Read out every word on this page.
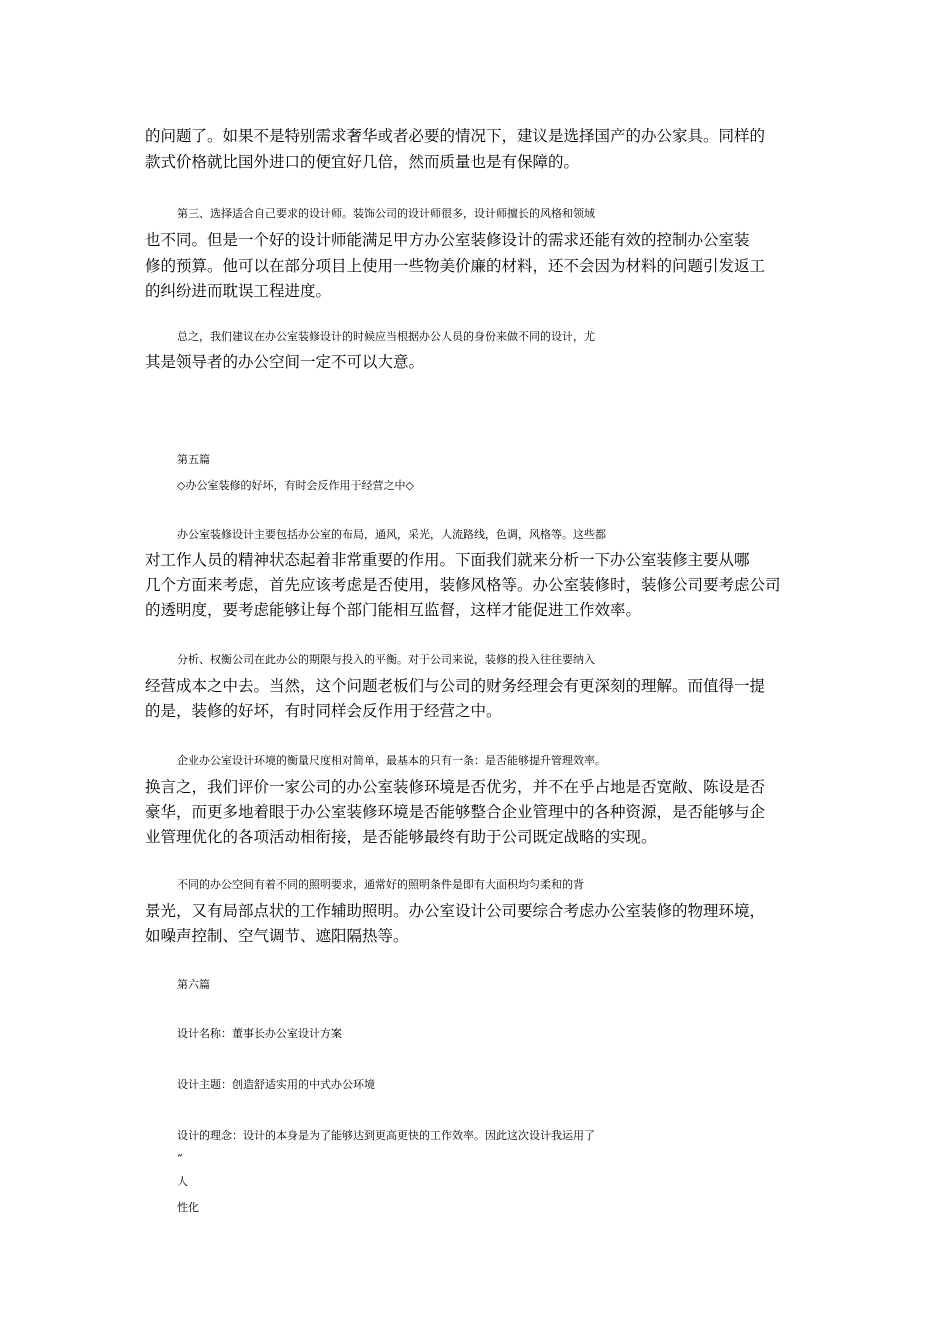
的问题了。如果不是特别需求奢华或者必要的情况下，建议是选择国产的办公家具。同样的
款式价格就比国外进口的便宜好几倍，然而质量也是有保障的。
第三、选择适合自己要求的设计师。装饰公司的设计师很多，设计师擅长的风格和领域
也不同。但是一个好的设计师能满足甲方办公室装修设计的需求还能有效的控制办公室装
修的预算。他可以在部分项目上使用一些物美价廉的材料，还不会因为材料的问题引发返工
的纠纷进而耽误工程进度。
总之，我们建议在办公室装修设计的时候应当根据办公人员的身份来做不同的设计，尤
其是领导者的办公空间一定不可以大意。
第五篇
◇办公室装修的好坏，有时会反作用于经营之中◇
办公室装修设计主要包括办公室的布局，通风，采光，人流路线，色调，风格等。这些都
对工作人员的精神状态起着非常重要的作用。下面我们就来分析一下办公室装修主要从哪
几个方面来考虑，首先应该考虑是否使用，装修风格等。办公室装修时，装修公司要考虑公司
的透明度，要考虑能够让每个部门能相互监督，这样才能促进工作效率。
分析、权衡公司在此办公的期限与投入的平衡。对于公司来说，装修的投入往往要纳入
经营成本之中去。当然，这个问题老板们与公司的财务经理会有更深刻的理解。而值得一提
的是，装修的好坏，有时同样会反作用于经营之中。
企业办公室设计环境的衡量尺度相对简单，最基本的只有一条：是否能够提升管理效率。
换言之，我们评价一家公司的办公室装修环境是否优劣，并不在乎占地是否宽敞、陈设是否
豪华，而更多地着眼于办公室装修环境是否能够整合企业管理中的各种资源，是否能够与企
业管理优化的各项活动相衔接，是否能够最终有助于公司既定战略的实现。
不同的办公空间有着不同的照明要求，通常好的照明条件是即有大面积均匀柔和的背
景光，又有局部点状的工作辅助照明。办公室设计公司要综合考虑办公室装修的物理环境，
如噪声控制、空气调节、遮阳隔热等。
第六篇
设计名称：董事长办公室设计方案
设计主题：创造舒适实用的中式办公环境
设计的理念：设计的本身是为了能够达到更高更快的工作效率。因此这次设计我运用了
“
人
性化
